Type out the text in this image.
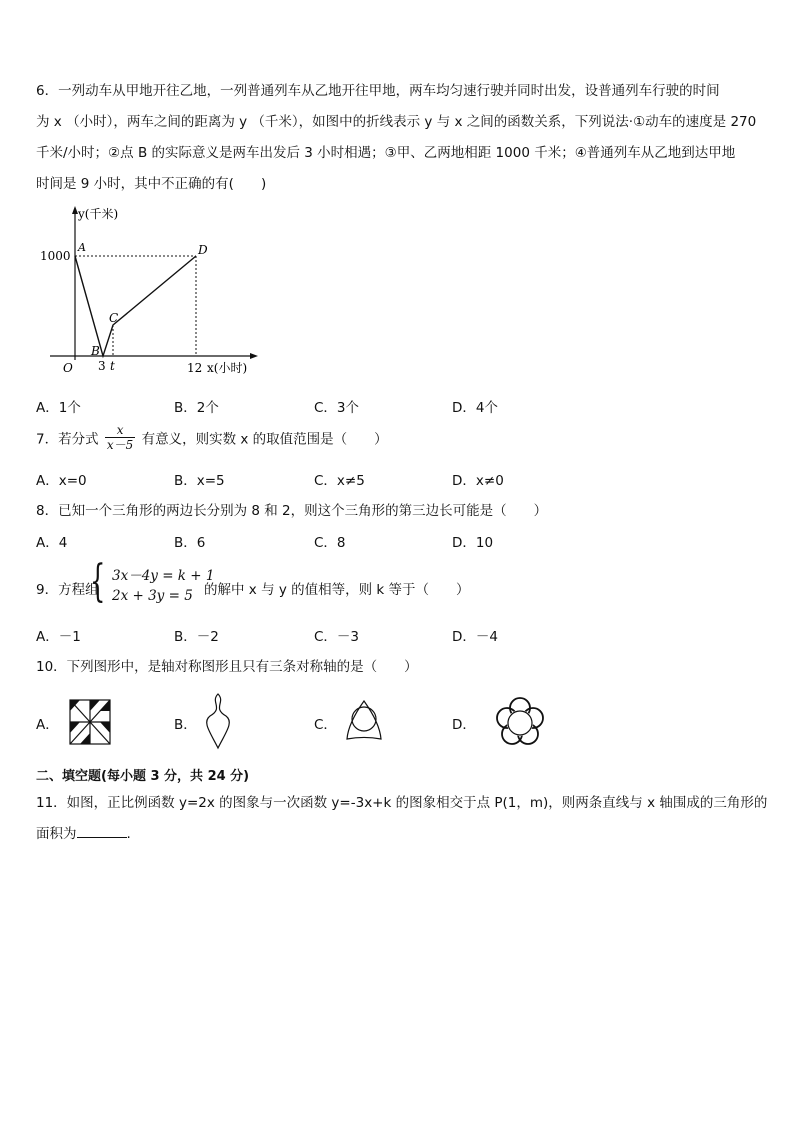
6．一列动车从甲地开往乙地，一列普通列车从乙地开往甲地，两车均匀速行驶并同时出发，设普通列车行驶的时间
为 x （小时），两车之间的距离为 y （千米），如图中的折线表示 y 与 x 之间的函数关系，下列说法·①动车的速度是 270
千米/小时；②点 B 的实际意义是两车出发后 3 小时相遇；③甲、乙两地相距 1000 千米；④普通列车从乙地到达甲地
时间是 9 小时，其中不正确的有(　　)
y(千米)
1000
A	D
C
B
O 3 t	12 x(小时)
A．1个	B．2个	C．3个	D．4个
7．若分式 $\frac{x}{x-5}$ 有意义，则实数 x 的取值范围是（　　）
A．x=0	B．x=5	C．x≠5	D．x≠0
8．已知一个三角形的两边长分别为 8 和 2，则这个三角形的第三边长可能是（　　）
A．4	B．6	C．8	D．10
9．方程组
{ 3x－4y = k + 1
2x + 3y = 5 的解中 x 与 y 的值相等，则 k 等于（　　）
A．－1	B．－2	C．－3	D．－4
10．下列图形中，是轴对称图形且只有三条对称轴的是（　　）
A．	B．	C．	D．
二、填空题(每小题 3 分，共 24 分)
11．如图，正比例函数 y=2x 的图象与一次函数 y=-3x+k 的图象相交于点 P(1，m)，则两条直线与 x 轴围成的三角形的
面积为	.
